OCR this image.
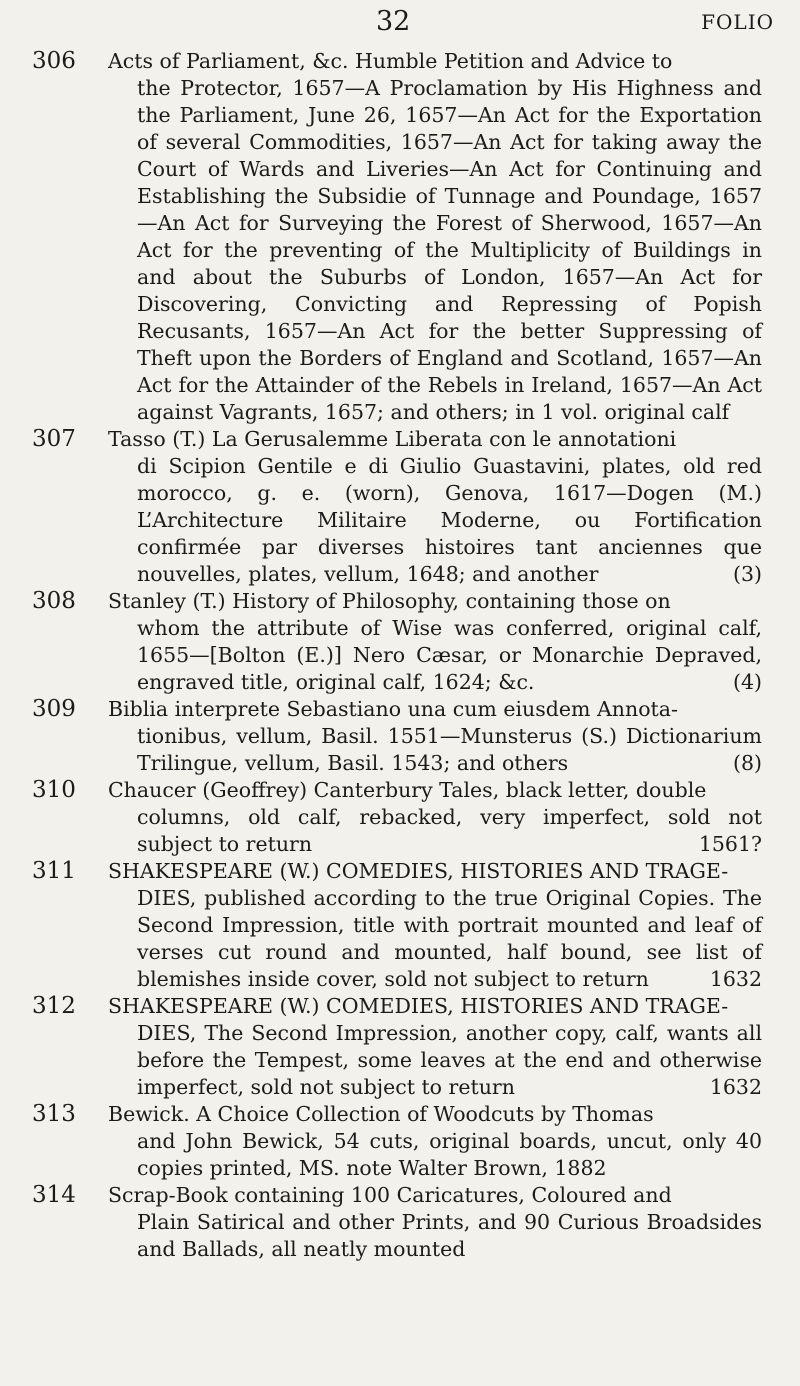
32	FOLIO
306	Acts of Parliament, &c. Humble Petition and Advice to
the Protector, 1657—A Proclamation by His Highness and the Parliament, June 26, 1657—An Act for the Exportation of several Commodities, 1657—An Act for taking away the Court of Wards and Liveries—An Act for Continuing and Establishing the Subsidie of Tunnage and Poundage, 1657—An Act for Surveying the Forest of Sherwood, 1657—An Act for the preventing of the Multiplicity of Buildings in and about the Suburbs of London, 1657—An Act for Discovering, Convicting and Repressing of Popish Recusants, 1657—An Act for the better Suppressing of Theft upon the Borders of England and Scotland, 1657—An Act for the Attainder of the Rebels in Ireland, 1657—An Act against Vagrants, 1657; and others; in 1 vol. original calf
307	Tasso (T.) La Gerusalemme Liberata con le annotationi
di Scipion Gentile e di Giulio Guastavini, plates, old red morocco, g. e. (worn), Genova, 1617—Dogen (M.) L’Architecture Militaire Moderne, ou Fortification confirmée par diverses histoires tant anciennes que nouvelles, plates, vellum, 1648; and another	(3)
308	Stanley (T.) History of Philosophy, containing those on
whom the attribute of Wise was conferred, original calf, 1655—[Bolton (E.)] Nero Cæsar, or Monarchie Depraved, engraved title, original calf, 1624; &c.	(4)
309	Biblia interprete Sebastiano una cum eiusdem Annota-
tionibus, vellum, Basil. 1551—Munsterus (S.) Dictionarium Trilingue, vellum, Basil. 1543; and others	(8)
310	Chaucer (Geoffrey) Canterbury Tales, black letter, double
columns, old calf, rebacked, very imperfect, sold not subject to return	1561?
311	SHAKESPEARE (W.) COMEDIES, HISTORIES AND TRAGE-
DIES, published according to the true Original Copies. The Second Impression, title with portrait mounted and leaf of verses cut round and mounted, half bound, see list of blemishes inside cover, sold not subject to return	1632
312	SHAKESPEARE (W.) COMEDIES, HISTORIES AND TRAGE-
DIES, The Second Impression, another copy, calf, wants all before the Tempest, some leaves at the end and otherwise imperfect, sold not subject to return	1632
313	Bewick. A Choice Collection of Woodcuts by Thomas
and John Bewick, 54 cuts, original boards, uncut, only 40 copies printed, MS. note Walter Brown, 1882
314	Scrap-Book containing 100 Caricatures, Coloured and
Plain Satirical and other Prints, and 90 Curious Broadsides and Ballads, all neatly mounted
